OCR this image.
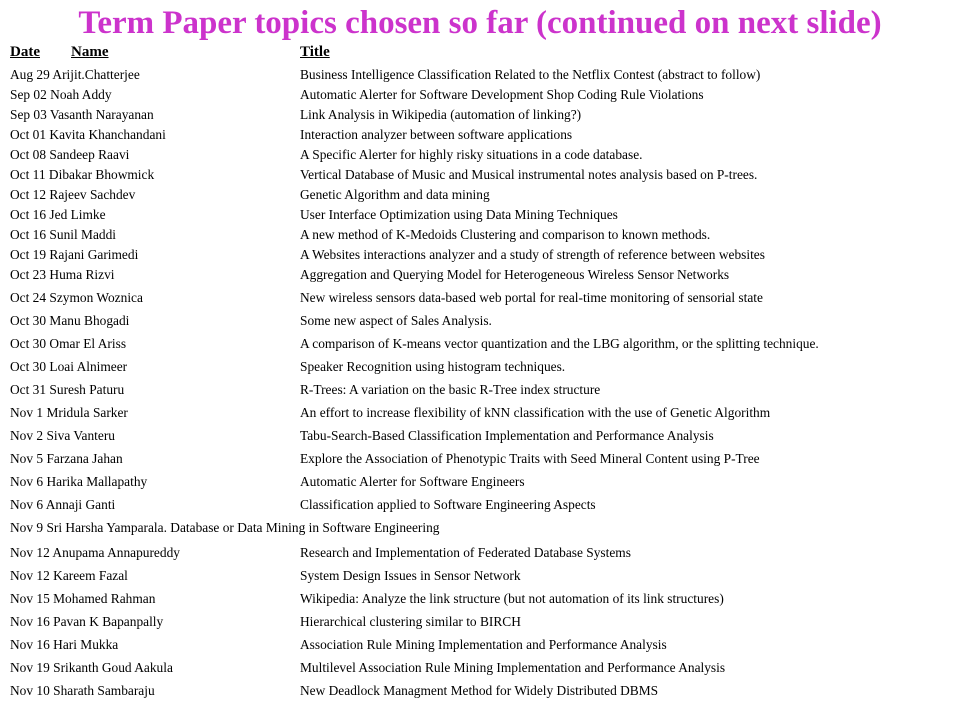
Term Paper topics chosen so far (continued on next slide)
Date Name	Title
Aug 29 Arijit.Chatterjee	Business Intelligence Classification Related to the Netflix Contest (abstract to follow)
Sep 02 Noah Addy	Automatic Alerter for Software Development Shop Coding Rule Violations
Sep 03 Vasanth Narayanan	Link Analysis in Wikipedia (automation of linking?)
Oct 01 Kavita Khanchandani	Interaction analyzer between software applications
Oct 08 Sandeep Raavi	A Specific Alerter for highly risky situations in a code database.
Oct 11 Dibakar Bhowmick	Vertical Database of Music and Musical instrumental notes analysis based on P-trees.
Oct 12 Rajeev Sachdev	Genetic Algorithm and data mining
Oct 16 Jed Limke	User Interface Optimization using Data Mining Techniques
Oct 16 Sunil Maddi	A new method of K-Medoids Clustering and comparison to known methods.
Oct 19 Rajani Garimedi	A Websites interactions analyzer and a study of strength of reference between websites
Oct 23 Huma Rizvi	Aggregation and Querying Model for Heterogeneous Wireless Sensor Networks
Oct 24 Szymon Woznica	New wireless sensors data-based web portal for real-time monitoring of sensorial state
Oct 30 Manu Bhogadi	Some new aspect of Sales Analysis.
Oct 30 Omar El Ariss	A comparison of K-means vector quantization and the LBG algorithm, or the splitting technique.
Oct 30 Loai Alnimeer	Speaker Recognition using histogram techniques.
Oct 31 Suresh Paturu	R-Trees: A variation on the basic R-Tree index structure
Nov 1 Mridula Sarker	An effort to increase flexibility of kNN classification with the use of Genetic Algorithm
Nov 2 Siva Vanteru	Tabu-Search-Based Classification Implementation and Performance Analysis
Nov 5 Farzana Jahan	Explore the Association of Phenotypic Traits with Seed Mineral Content using P-Tree
Nov 6 Harika Mallapathy	Automatic Alerter for Software Engineers
Nov 6 Annaji Ganti	Classification applied to Software Engineering Aspects
Nov 9 Sri Harsha Yamparala. Database or Data Mining in Software Engineering
Nov 12 Anupama Annapureddy	Research and Implementation of Federated Database Systems
Nov 12 Kareem Fazal	System Design Issues in Sensor Network
Nov 15 Mohamed Rahman	Wikipedia: Analyze the link structure (but not automation of its link structures)
Nov 16 Pavan K Bapanpally	Hierarchical clustering similar to BIRCH
Nov 16 Hari Mukka	Association Rule Mining Implementation and Performance Analysis
Nov 19 Srikanth Goud Aakula	Multilevel Association Rule Mining Implementation and Performance Analysis
Nov 10 Sharath Sambaraju	New Deadlock Managment Method for Widely Distributed DBMS
